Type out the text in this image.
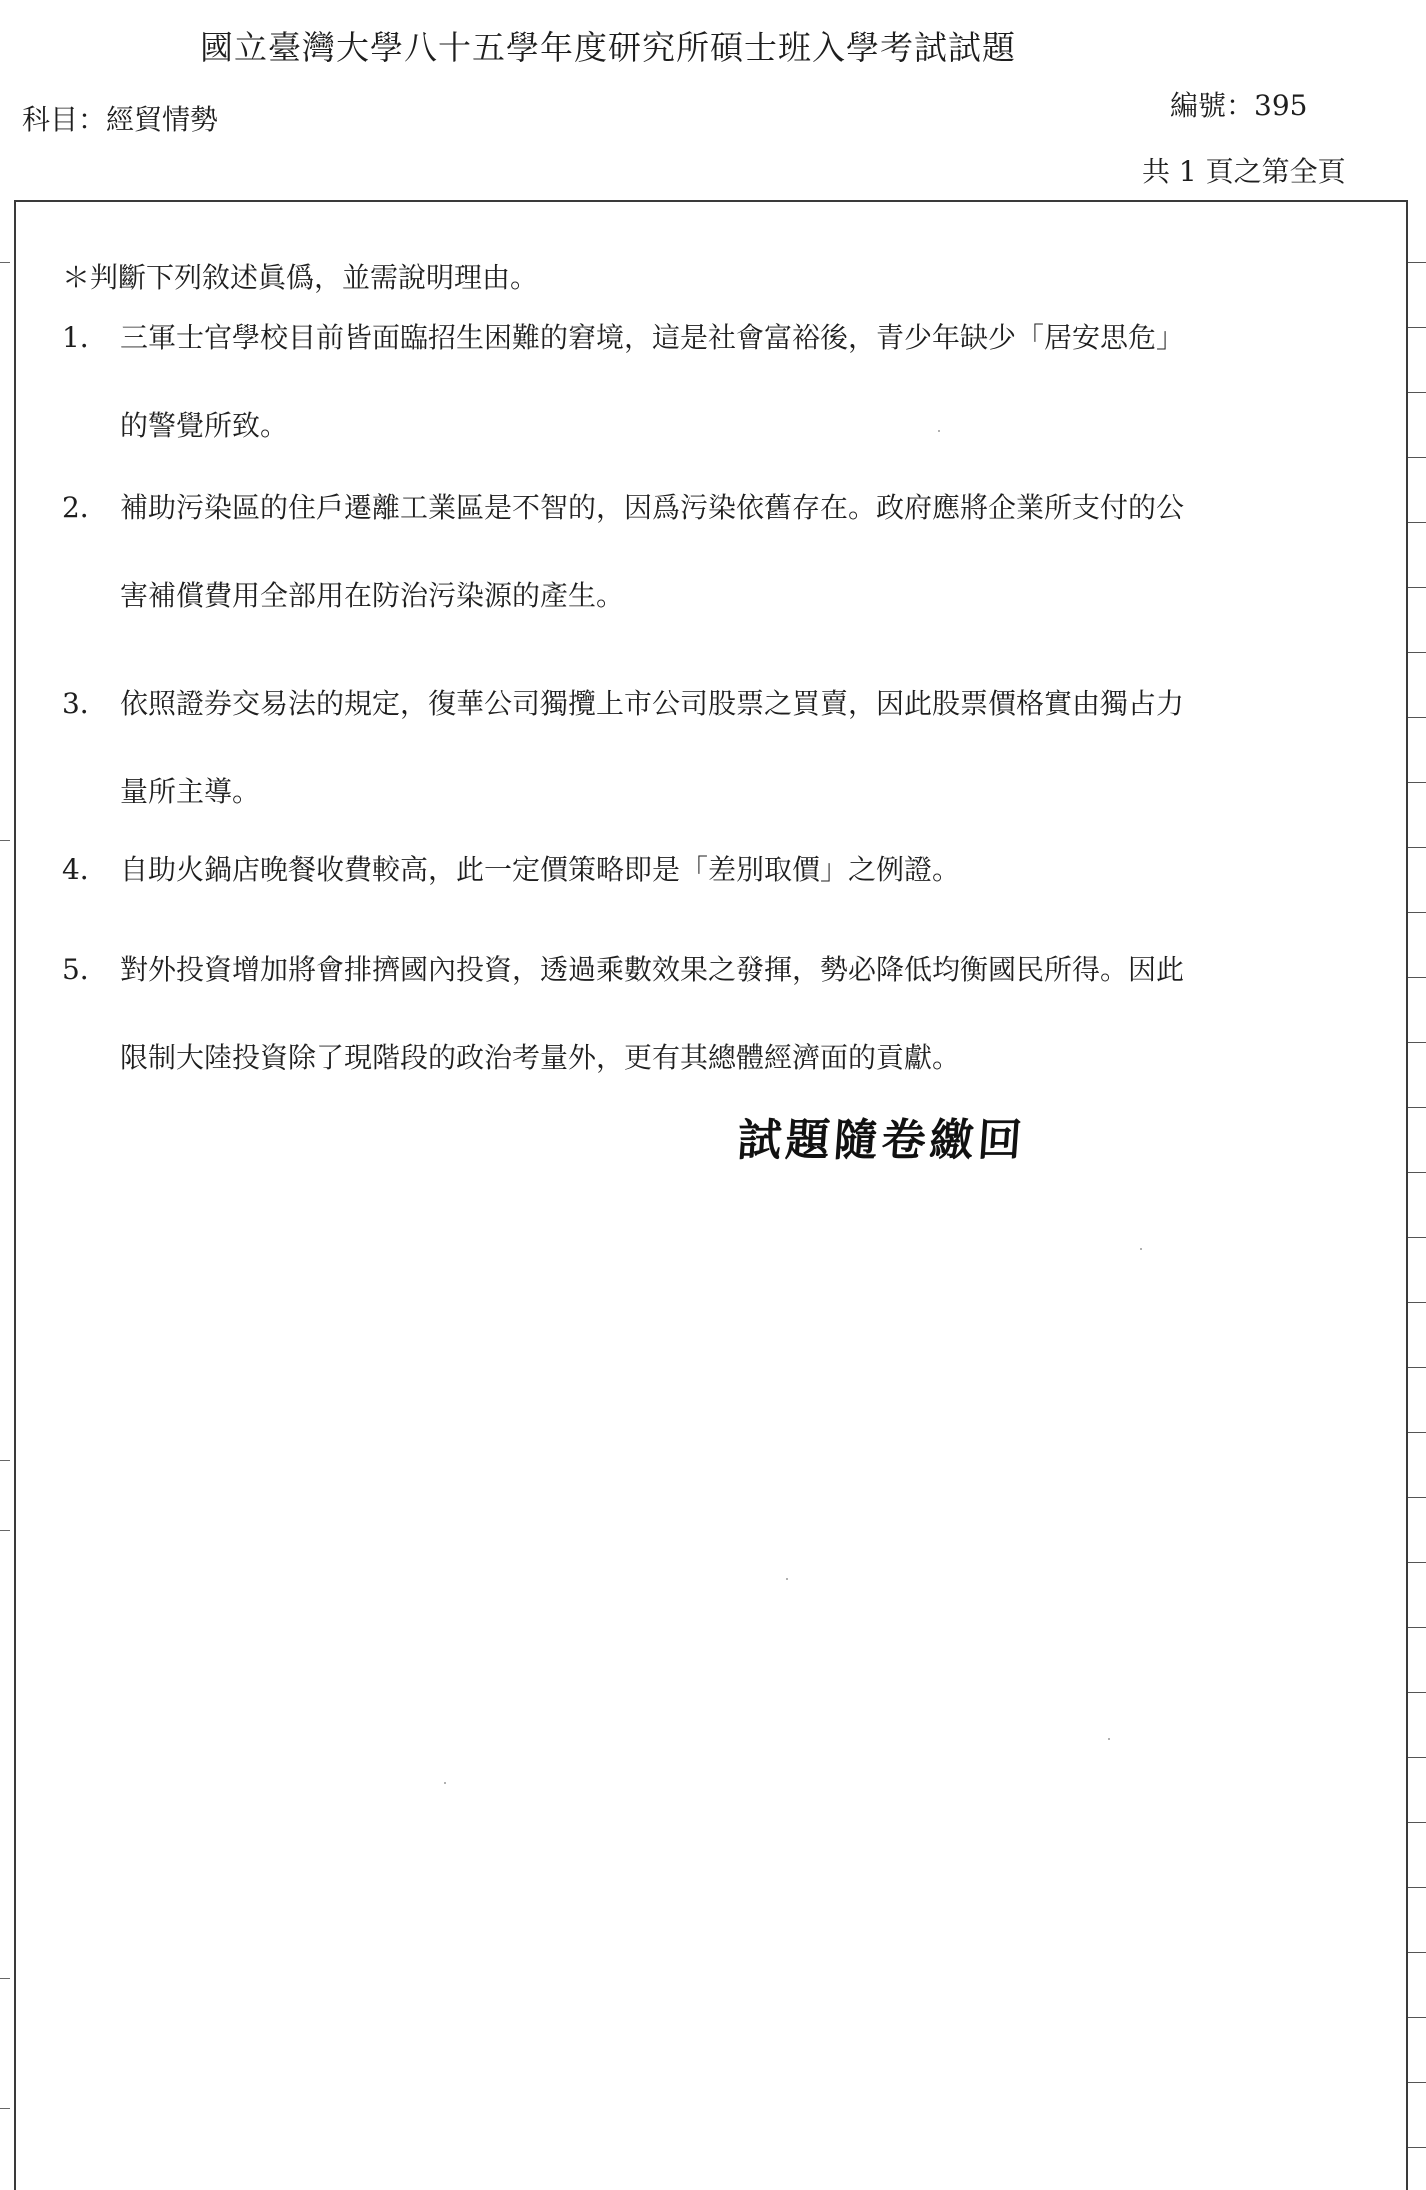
國立臺灣大學八十五學年度研究所碩士班入學考試試題
科目：經貿情勢	編號：395
共 1 頁之第全頁
＊判斷下列敘述眞僞，並需說明理由。
1． 三軍士官學校目前皆面臨招生困難的窘境，這是社會富裕後，青少年缺少「居安思危」
的警覺所致。
2． 補助污染區的住戶遷離工業區是不智的，因爲污染依舊存在。政府應將企業所支付的公
害補償費用全部用在防治污染源的產生。
3． 依照證券交易法的規定，復華公司獨攬上市公司股票之買賣，因此股票價格實由獨占力
量所主導。
4． 自助火鍋店晚餐收費較高，此一定價策略即是「差別取價」之例證。
5． 對外投資增加將會排擠國內投資，透過乘數效果之發揮，勢必降低均衡國民所得。因此
限制大陸投資除了現階段的政治考量外，更有其總體經濟面的貢獻。
試題隨卷繳回
